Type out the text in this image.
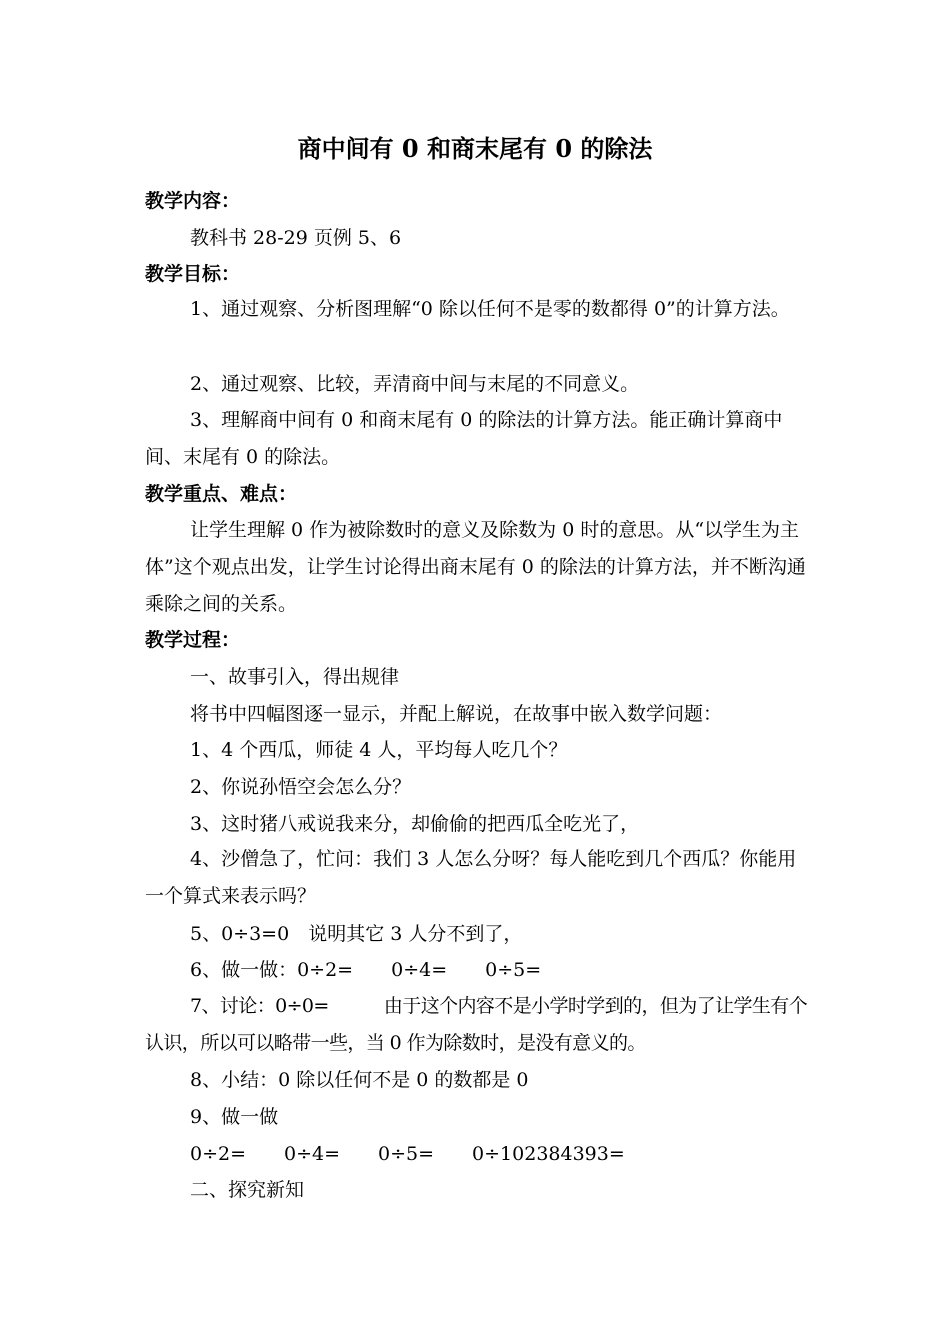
商中间有 0 和商末尾有 0 的除法
教学内容：
教科书 28-29 页例 5、6
教学目标：
1、通过观察、分析图理解“0 除以任何不是零的数都得 0”的计算方法。
2、通过观察、比较，弄清商中间与末尾的不同意义。
3、理解商中间有 0 和商末尾有 0 的除法的计算方法。能正确计算商中间、末尾有 0 的除法。
教学重点、难点：
让学生理解 0 作为被除数时的意义及除数为 0 时的意思。从“以学生为主体”这个观点出发，让学生讨论得出商末尾有 0 的除法的计算方法，并不断沟通乘除之间的关系。
教学过程：
一、故事引入，得出规律
将书中四幅图逐一显示，并配上解说，在故事中嵌入数学问题：
1、4 个西瓜，师徒 4 人，平均每人吃几个？
2、你说孙悟空会怎么分？
3、这时猪八戒说我来分，却偷偷的把西瓜全吃光了，
4、沙僧急了，忙问：我们 3 人怎么分呀？每人能吃到几个西瓜？你能用一个算式来表示吗？
5、0÷3=0　说明其它 3 人分不到了，
6、做一做：0÷2=　　0÷4=　　0÷5=
7、讨论：0÷0=　　　由于这个内容不是小学时学到的，但为了让学生有个认识，所以可以略带一些，当 0 作为除数时，是没有意义的。
8、小结：0 除以任何不是 0 的数都是 0
9、做一做
0÷2=　　0÷4=　　0÷5=　　0÷102384393=
二、探究新知
